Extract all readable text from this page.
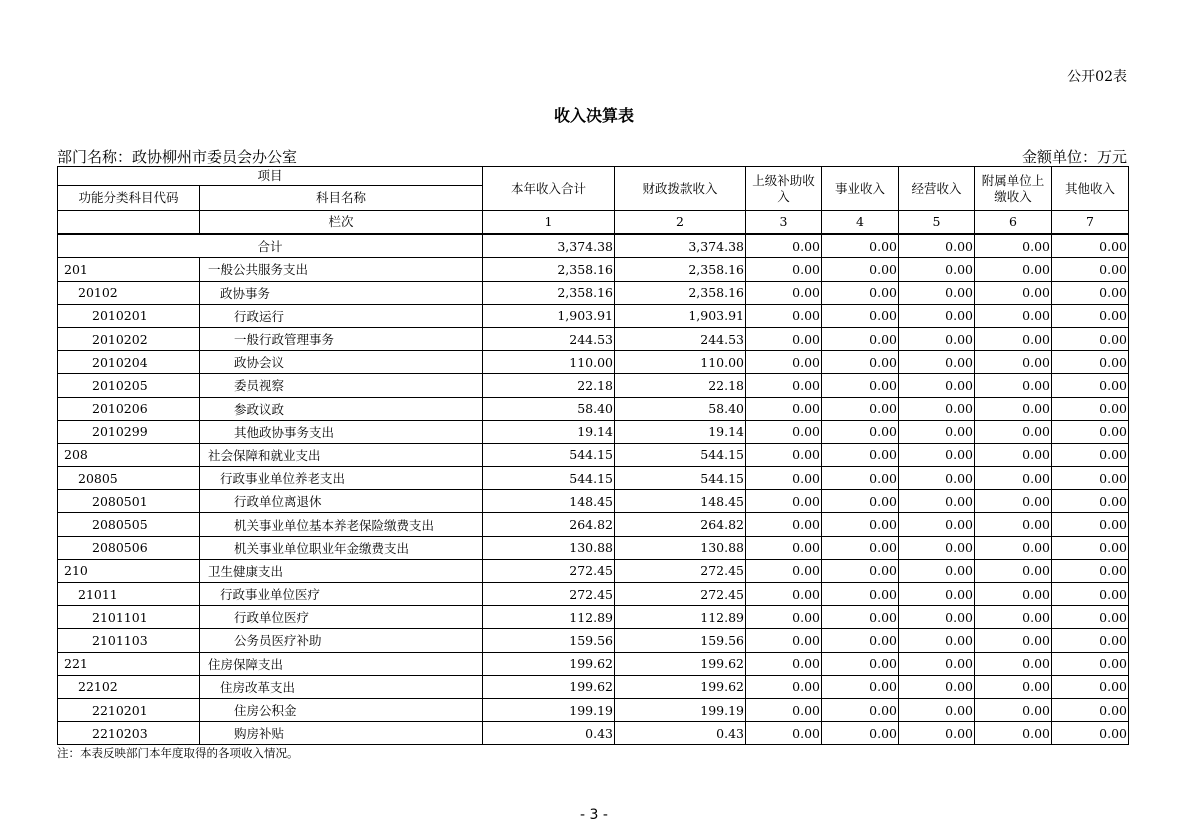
公开02表
收入决算表
部门名称：政协柳州市委员会办公室	金额单位：万元
项目		本年收入合计	财政拨款收入	上级补助收入	事业收入	经营收入	附属单位上缴收入	其他收入
功能分类科目代码	科目名称							
	栏次	1	2	3	4	5	6	7
合计		3,374.38	3,374.38	0.00	0.00	0.00	0.00	0.00
201	一般公共服务支出	2,358.16	2,358.16	0.00	0.00	0.00	0.00	0.00
20102	政协事务	2,358.16	2,358.16	0.00	0.00	0.00	0.00	0.00
2010201	行政运行	1,903.91	1,903.91	0.00	0.00	0.00	0.00	0.00
2010202	一般行政管理事务	244.53	244.53	0.00	0.00	0.00	0.00	0.00
2010204	政协会议	110.00	110.00	0.00	0.00	0.00	0.00	0.00
2010205	委员视察	22.18	22.18	0.00	0.00	0.00	0.00	0.00
2010206	参政议政	58.40	58.40	0.00	0.00	0.00	0.00	0.00
2010299	其他政协事务支出	19.14	19.14	0.00	0.00	0.00	0.00	0.00
208	社会保障和就业支出	544.15	544.15	0.00	0.00	0.00	0.00	0.00
20805	行政事业单位养老支出	544.15	544.15	0.00	0.00	0.00	0.00	0.00
2080501	行政单位离退休	148.45	148.45	0.00	0.00	0.00	0.00	0.00
2080505	机关事业单位基本养老保险缴费支出	264.82	264.82	0.00	0.00	0.00	0.00	0.00
2080506	机关事业单位职业年金缴费支出	130.88	130.88	0.00	0.00	0.00	0.00	0.00
210	卫生健康支出	272.45	272.45	0.00	0.00	0.00	0.00	0.00
21011	行政事业单位医疗	272.45	272.45	0.00	0.00	0.00	0.00	0.00
2101101	行政单位医疗	112.89	112.89	0.00	0.00	0.00	0.00	0.00
2101103	公务员医疗补助	159.56	159.56	0.00	0.00	0.00	0.00	0.00
221	住房保障支出	199.62	199.62	0.00	0.00	0.00	0.00	0.00
22102	住房改革支出	199.62	199.62	0.00	0.00	0.00	0.00	0.00
2210201	住房公积金	199.19	199.19	0.00	0.00	0.00	0.00	0.00
2210203	购房补贴	0.43	0.43	0.00	0.00	0.00	0.00	0.00
注：本表反映部门本年度取得的各项收入情况。
- 3 -
